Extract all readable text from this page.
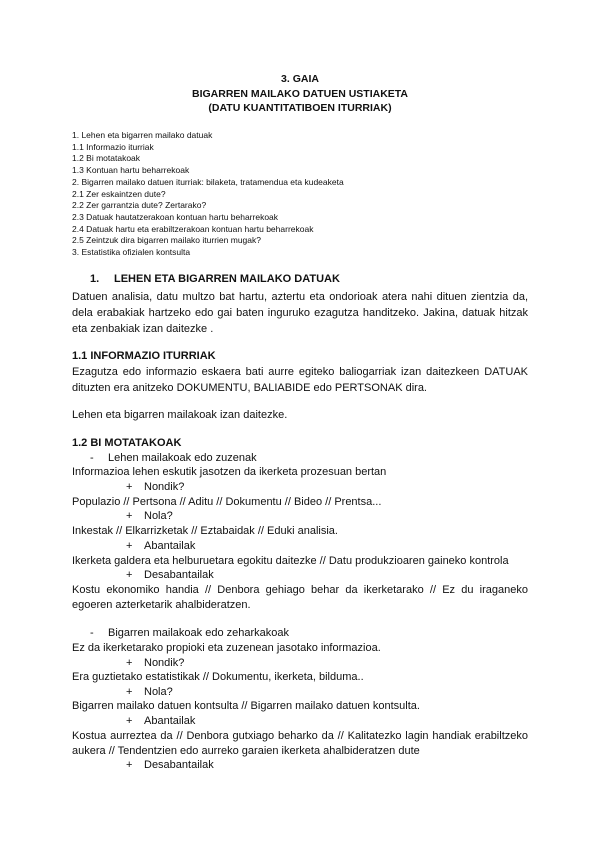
3. GAIA
BIGARREN MAILAKO DATUEN USTIAKETA
(DATU KUANTITATIBOEN ITURRIAK)
1. Lehen eta bigarren mailako datuak
1.1 Informazio iturriak
1.2 Bi motatakoak
1.3 Kontuan hartu beharrekoak
2. Bigarren mailako datuen iturriak: bilaketa, tratamendua eta kudeaketa
2.1 Zer eskaintzen dute?
2.2 Zer garrantzia dute? Zertarako?
2.3 Datuak hautatzerakoan kontuan hartu beharrekoak
2.4 Datuak hartu eta erabiltzerakoan kontuan hartu beharrekoak
2.5 Zeintzuk dira bigarren mailako iturrien mugak?
3. Estatistika ofizialen kontsulta
1. LEHEN ETA BIGARREN MAILAKO DATUAK
Datuen analisia, datu multzo bat hartu, aztertu eta ondorioak atera nahi dituen zientzia da,
dela erabakiak hartzeko edo gai baten inguruko ezagutza handitzeko. Jakina, datuak hitzak
eta zenbakiak izan daitezke .
1.1 INFORMAZIO ITURRIAK
Ezagutza edo informazio eskaera bati aurre egiteko baliogarriak izan daitezkeen DATUAK
dituzten era anitzeko DOKUMENTU, BALIABIDE edo PERTSONAK dira.
Lehen eta bigarren mailakoak izan daitezke.
1.2 BI MOTATAKOAK
- Lehen mailakoak edo zuzenak
Informazioa lehen eskutik jasotzen da ikerketa prozesuan bertan
+ Nondik?
Populazio // Pertsona // Aditu // Dokumentu // Bideo // Prentsa...
+ Nola?
Inkestak // Elkarrizketak // Eztabaidak // Eduki analisia.
+ Abantailak
Ikerketa galdera eta helburuetara egokitu daitezke // Datu produkzioaren gaineko kontrola
+ Desabantailak
Kostu ekonomiko handia // Denbora gehiago behar da ikerketarako // Ez du iraganeko
egoeren azterketarik ahalbideratzen.
- Bigarren mailakoak edo zeharkakoak
Ez da ikerketarako propioki eta zuzenean jasotako informazioa.
+ Nondik?
Era guztietako estatistikak // Dokumentu, ikerketa, bilduma..
+ Nola?
Bigarren mailako datuen kontsulta // Bigarren mailako datuen kontsulta.
+ Abantailak
Kostua aurreztea da // Denbora gutxiago beharko da // Kalitatezko lagin handiak erabiltzeko
aukera // Tendentzien edo aurreko garaien ikerketa ahalbideratzen dute
+ Desabantailak
